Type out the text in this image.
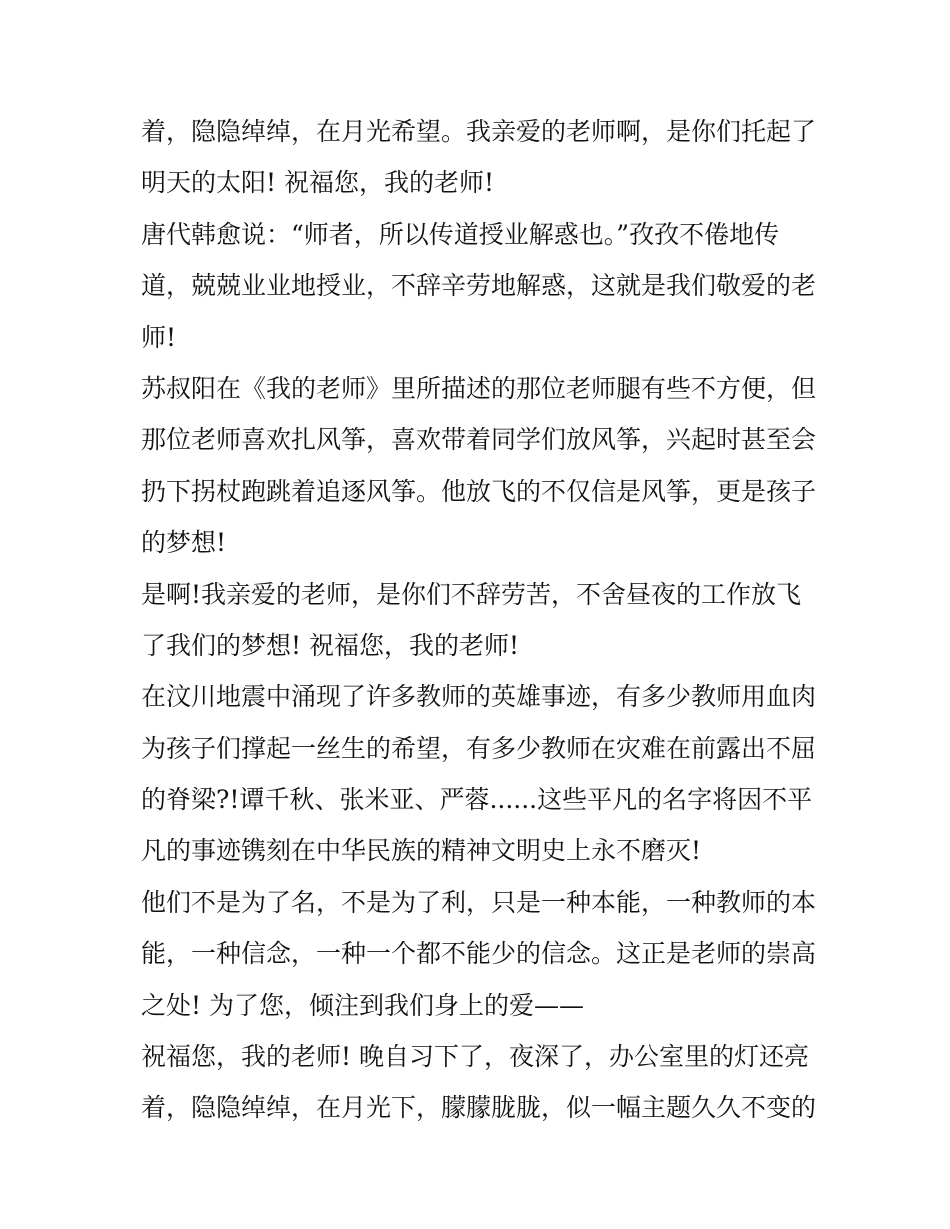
着，隐隐绰绰，在月光希望。我亲爱的老师啊，是你们托起了
明天的太阳! 祝福您，我的老师!
唐代韩愈说：“师者，所以传道授业解惑也。”孜孜不倦地传
道，兢兢业业地授业，不辞辛劳地解惑，这就是我们敬爱的老
师!
苏叔阳在《我的老师》里所描述的那位老师腿有些不方便，但
那位老师喜欢扎风筝，喜欢带着同学们放风筝，兴起时甚至会
扔下拐杖跑跳着追逐风筝。他放飞的不仅信是风筝，更是孩子
的梦想!
是啊!我亲爱的老师，是你们不辞劳苦，不舍昼夜的工作放飞
了我们的梦想! 祝福您，我的老师!
在汶川地震中涌现了许多教师的英雄事迹，有多少教师用血肉
为孩子们撑起一丝生的希望，有多少教师在灾难在前露出不屈
的脊梁?!谭千秋、张米亚、严蓉......这些平凡的名字将因不平
凡的事迹镌刻在中华民族的精神文明史上永不磨灭!
他们不是为了名，不是为了利，只是一种本能，一种教师的本
能，一种信念，一种一个都不能少的信念。这正是老师的崇高
之处! 为了您，倾注到我们身上的爱——
祝福您，我的老师! 晚自习下了，夜深了，办公室里的灯还亮
着，隐隐绰绰，在月光下，朦朦胧胧，似一幅主题久久不变的
